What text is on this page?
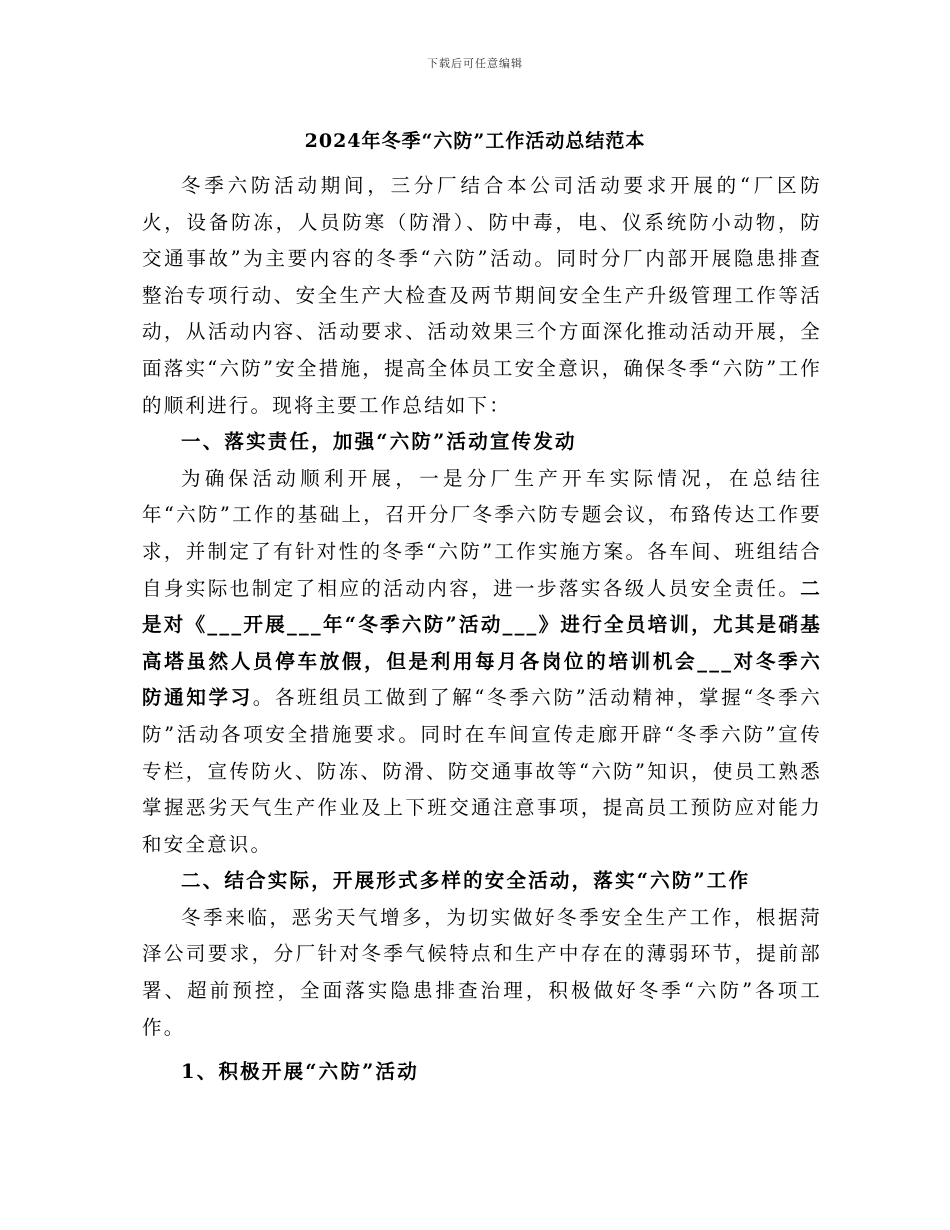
下载后可任意编辑
2024年冬季“六防”工作活动总结范本

冬季六防活动期间，三分厂结合本公司活动要求开展的“厂区防火，设备防冻，人员防寒（防滑）、防中毒，电、仪系统防小动物，防交通事故”为主要内容的冬季“六防”活动。同时分厂内部开展隐患排查整治专项行动、安全生产大检查及两节期间安全生产升级管理工作等活动，从活动内容、活动要求、活动效果三个方面深化推动活动开展，全面落实“六防”安全措施，提高全体员工安全意识，确保冬季“六防”工作的顺利进行。现将主要工作总结如下：

一、落实责任，加强“六防”活动宣传发动

为确保活动顺利开展，一是分厂生产开车实际情况，在总结往年“六防”工作的基础上，召开分厂冬季六防专题会议，布臵传达工作要求，并制定了有针对性的冬季“六防”工作实施方案。各车间、班组结合自身实际也制定了相应的活动内容，进一步落实各级人员安全责任。二是对《___开展___年“冬季六防”活动___》进行全员培训，尤其是硝基高塔虽然人员停车放假，但是利用每月各岗位的培训机会___对冬季六防通知学习。各班组员工做到了解“冬季六防”活动精神，掌握“冬季六防”活动各项安全措施要求。同时在车间宣传走廊开辟“冬季六防”宣传专栏，宣传防火、防冻、防滑、防交通事故等“六防”知识，使员工熟悉掌握恶劣天气生产作业及上下班交通注意事项，提高员工预防应对能力和安全意识。

二、结合实际，开展形式多样的安全活动，落实“六防”工作

冬季来临，恶劣天气增多，为切实做好冬季安全生产工作，根据菏泽公司要求，分厂针对冬季气候特点和生产中存在的薄弱环节，提前部署、超前预控，全面落实隐患排查治理，积极做好冬季“六防”各项工作。

1、积极开展“六防”活动
